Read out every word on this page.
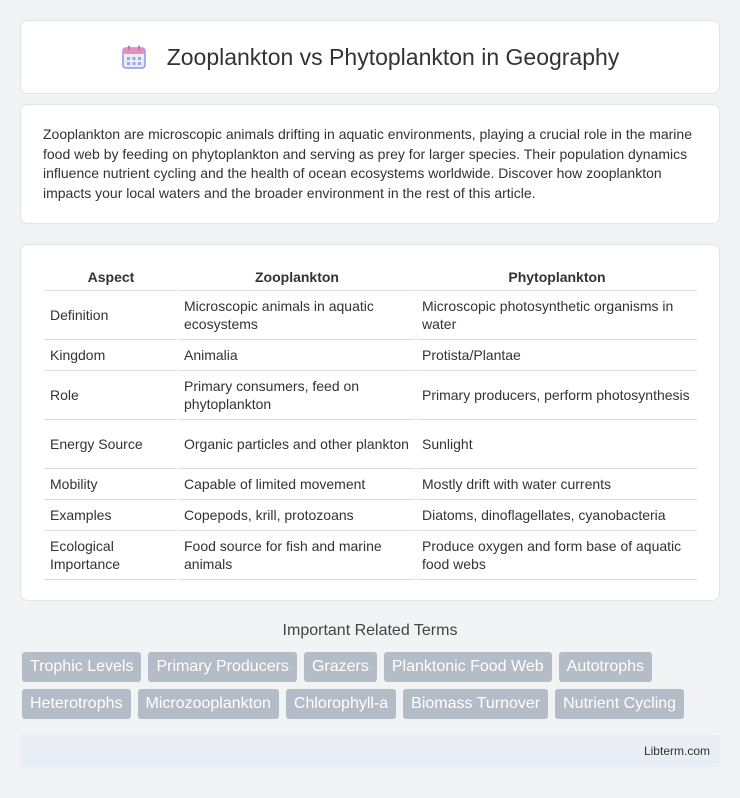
Zooplankton vs Phytoplankton in Geography

Zooplankton are microscopic animals drifting in aquatic environments, playing a crucial role in the marine food web by feeding on phytoplankton and serving as prey for larger species. Their population dynamics influence nutrient cycling and the health of ocean ecosystems worldwide. Discover how zooplankton impacts your local waters and the broader environment in the rest of this article.

Aspect	Zooplankton	Phytoplankton
Definition	Microscopic animals in aquatic ecosystems	Microscopic photosynthetic organisms in water
Kingdom	Animalia	Protista/Plantae
Role	Primary consumers, feed on phytoplankton	Primary producers, perform photosynthesis
Energy Source	Organic particles and other plankton	Sunlight
Mobility	Capable of limited movement	Mostly drift with water currents
Examples	Copepods, krill, protozoans	Diatoms, dinoflagellates, cyanobacteria
Ecological Importance	Food source for fish and marine animals	Produce oxygen and form base of aquatic food webs
Important Related Terms
Trophic Levels	Primary Producers	Grazers	Planktonic Food Web	Autotrophs
Heterotrophs	Microzooplankton	Chlorophyll-a	Biomass Turnover	Nutrient Cycling
Libterm.com
